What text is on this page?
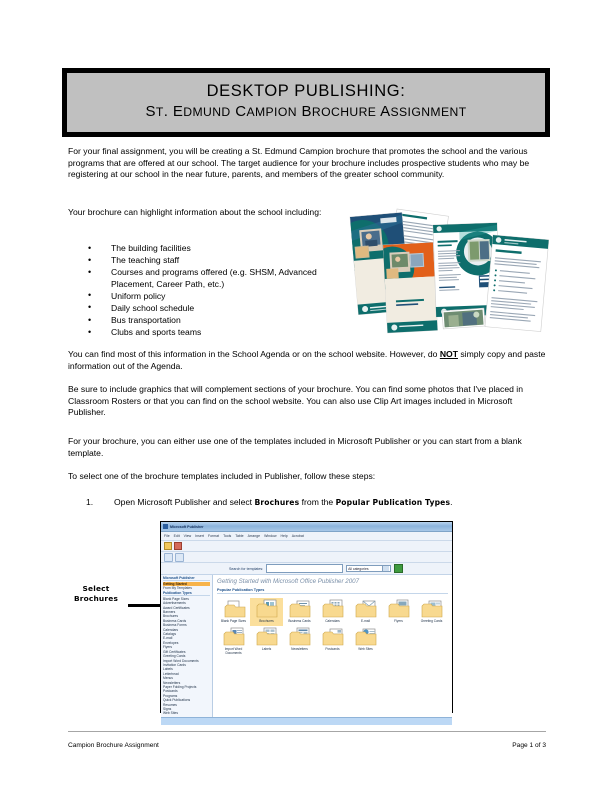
DESKTOP PUBLISHING:
ST. EDMUND CAMPION BROCHURE ASSIGNMENT
For your final assignment, you will be creating a St. Edmund Campion brochure that promotes the school and the various programs that are offered at our school. The target audience for your brochure includes prospective students who may be registering at our school in the near future, parents, and members of the greater school community.
Your brochure can highlight information about the school including:
• The building facilities
• The teaching staff
• Courses and programs offered (e.g. SHSM, Advanced Placement, Career Path, etc.)
• Uniform policy
• Daily school schedule
• Bus transportation
• Clubs and sports teams
You can find most of this information in the School Agenda or on the school website. However, do NOT simply copy and paste information out of the Agenda.
Be sure to include graphics that will complement sections of your brochure. You can find some photos that I've placed in Classroom Rosters or that you can find on the school website. You can also use Clip Art images included in Microsoft Publisher.
For your brochure, you can either use one of the templates included in Microsoft Publisher or you can start from a blank template.
To select one of the brochure templates included in Publisher, follow these steps:
1.	Open Microsoft Publisher and select Brochures from the Popular Publication Types.
Select
Brochures
Microsoft Publisher
File Edit View Insert Format Tools Table Arrange Window Help Acrobat
Search for templates:	All categories
Microsoft Publisher
Getting Started
From My Templates
Publication Types
Blank Page Sizes
Advertisements
Award Certificates
Banners
Brochures
Business Cards
Business Forms
Calendars
Catalogs
E-mail
Envelopes
Flyers
Gift Certificates
Greeting Cards
Import Word Documents
Invitation Cards
Labels
Letterhead
Menus
Newsletters
Paper Folding Projects
Postcards
Programs
Quick Publications
Resumes
Signs
Web Sites
Getting Started with Microsoft Office Publisher 2007
Popular Publication Types
Blank Page Sizes	Brochures	Business Cards	Calendars	E-mail	Flyers	Greeting Cards
Import Word Documents
Labels	Newsletters	Postcards	Web Sites
Campion Brochure Assignment	Page 1 of 3
